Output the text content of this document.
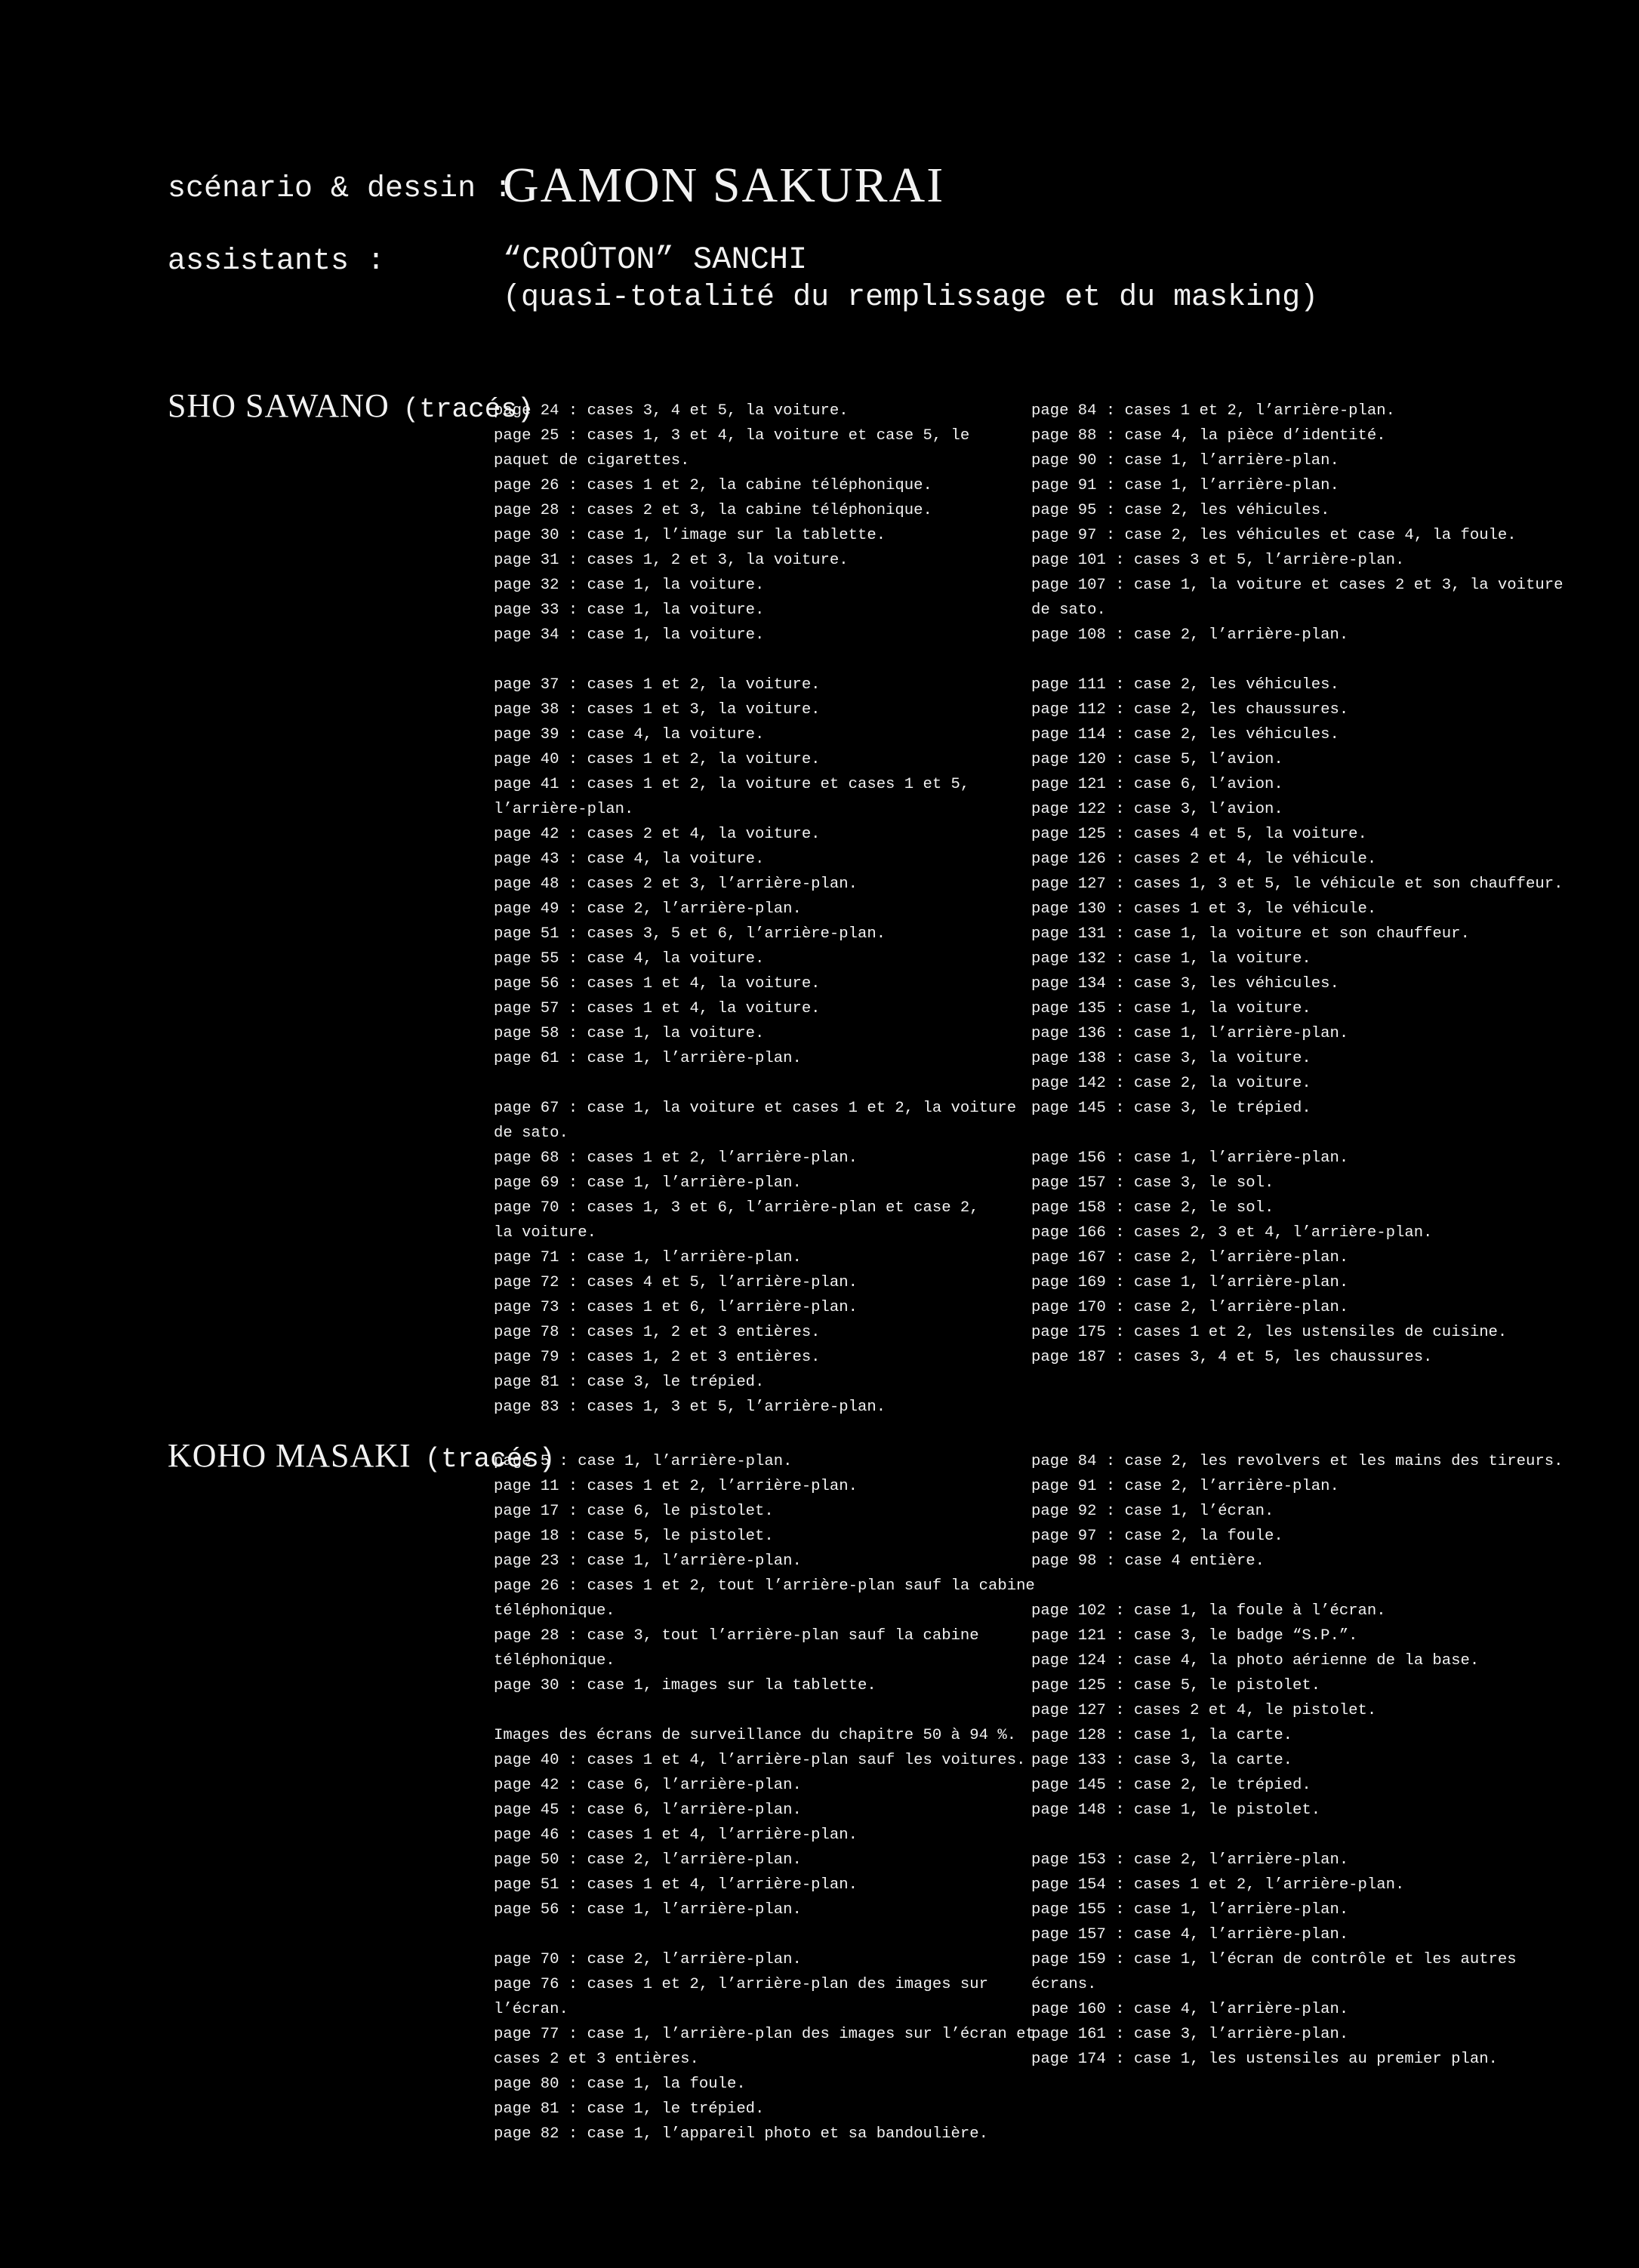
scénario & dessin :
GAMON SAKURAI
assistants :	“CROÛTON” SANCHI
(quasi-totalité du remplissage et du masking)
SHO SAWANO (tracés)
page 24 : cases 3, 4 et 5, la voiture.
page 25 : cases 1, 3 et 4, la voiture et case 5, le
paquet de cigarettes.
page 26 : cases 1 et 2, la cabine téléphonique.
page 28 : cases 2 et 3, la cabine téléphonique.
page 30 : case 1, l’image sur la tablette.
page 31 : cases 1, 2 et 3, la voiture.
page 32 : case 1, la voiture.
page 33 : case 1, la voiture.
page 34 : case 1, la voiture.
page 37 : cases 1 et 2, la voiture.
page 38 : cases 1 et 3, la voiture.
page 39 : case 4, la voiture.
page 40 : cases 1 et 2, la voiture.
page 41 : cases 1 et 2, la voiture et cases 1 et 5,
l’arrière-plan.
page 42 : cases 2 et 4, la voiture.
page 43 : case 4, la voiture.
page 48 : cases 2 et 3, l’arrière-plan.
page 49 : case 2, l’arrière-plan.
page 51 : cases 3, 5 et 6, l’arrière-plan.
page 55 : case 4, la voiture.
page 56 : cases 1 et 4, la voiture.
page 57 : cases 1 et 4, la voiture.
page 58 : case 1, la voiture.
page 61 : case 1, l’arrière-plan.
page 67 : case 1, la voiture et cases 1 et 2, la voiture
de sato.
page 68 : cases 1 et 2, l’arrière-plan.
page 69 : case 1, l’arrière-plan.
page 70 : cases 1, 3 et 6, l’arrière-plan et case 2,
la voiture.
page 71 : case 1, l’arrière-plan.
page 72 : cases 4 et 5, l’arrière-plan.
page 73 : cases 1 et 6, l’arrière-plan.
page 78 : cases 1, 2 et 3 entières.
page 79 : cases 1, 2 et 3 entières.
page 81 : case 3, le trépied.
page 83 : cases 1, 3 et 5, l’arrière-plan.
page 84 : cases 1 et 2, l’arrière-plan.
page 88 : case 4, la pièce d’identité.
page 90 : case 1, l’arrière-plan.
page 91 : case 1, l’arrière-plan.
page 95 : case 2, les véhicules.
page 97 : case 2, les véhicules et case 4, la foule.
page 101 : cases 3 et 5, l’arrière-plan.
page 107 : case 1, la voiture et cases 2 et 3, la voiture
de sato.
page 108 : case 2, l’arrière-plan.
page 111 : case 2, les véhicules.
page 112 : case 2, les chaussures.
page 114 : case 2, les véhicules.
page 120 : case 5, l’avion.
page 121 : case 6, l’avion.
page 122 : case 3, l’avion.
page 125 : cases 4 et 5, la voiture.
page 126 : cases 2 et 4, le véhicule.
page 127 : cases 1, 3 et 5, le véhicule et son chauffeur.
page 130 : cases 1 et 3, le véhicule.
page 131 : case 1, la voiture et son chauffeur.
page 132 : case 1, la voiture.
page 134 : case 3, les véhicules.
page 135 : case 1, la voiture.
page 136 : case 1, l’arrière-plan.
page 138 : case 3, la voiture.
page 142 : case 2, la voiture.
page 145 : case 3, le trépied.
page 156 : case 1, l’arrière-plan.
page 157 : case 3, le sol.
page 158 : case 2, le sol.
page 166 : cases 2, 3 et 4, l’arrière-plan.
page 167 : case 2, l’arrière-plan.
page 169 : case 1, l’arrière-plan.
page 170 : case 2, l’arrière-plan.
page 175 : cases 1 et 2, les ustensiles de cuisine.
page 187 : cases 3, 4 et 5, les chaussures.
KOHO MASAKI (tracés)
page 5 : case 1, l’arrière-plan.
page 11 : cases 1 et 2, l’arrière-plan.
page 17 : case 6, le pistolet.
page 18 : case 5, le pistolet.
page 23 : case 1, l’arrière-plan.
page 26 : cases 1 et 2, tout l’arrière-plan sauf la cabine
téléphonique.
page 28 : case 3, tout l’arrière-plan sauf la cabine
téléphonique.
page 30 : case 1, images sur la tablette.
Images des écrans de surveillance du chapitre 50 à 94 %.
page 40 : cases 1 et 4, l’arrière-plan sauf les voitures.
page 42 : case 6, l’arrière-plan.
page 45 : case 6, l’arrière-plan.
page 46 : cases 1 et 4, l’arrière-plan.
page 50 : case 2, l’arrière-plan.
page 51 : cases 1 et 4, l’arrière-plan.
page 56 : case 1, l’arrière-plan.
page 70 : case 2, l’arrière-plan.
page 76 : cases 1 et 2, l’arrière-plan des images sur
l’écran.
page 77 : case 1, l’arrière-plan des images sur l’écran et
cases 2 et 3 entières.
page 80 : case 1, la foule.
page 81 : case 1, le trépied.
page 82 : case 1, l’appareil photo et sa bandoulière.
page 84 : case 2, les revolvers et les mains des tireurs.
page 91 : case 2, l’arrière-plan.
page 92 : case 1, l’écran.
page 97 : case 2, la foule.
page 98 : case 4 entière.
page 102 : case 1, la foule à l’écran.
page 121 : case 3, le badge “S.P.”.
page 124 : case 4, la photo aérienne de la base.
page 125 : case 5, le pistolet.
page 127 : cases 2 et 4, le pistolet.
page 128 : case 1, la carte.
page 133 : case 3, la carte.
page 145 : case 2, le trépied.
page 148 : case 1, le pistolet.
page 153 : case 2, l’arrière-plan.
page 154 : cases 1 et 2, l’arrière-plan.
page 155 : case 1, l’arrière-plan.
page 157 : case 4, l’arrière-plan.
page 159 : case 1, l’écran de contrôle et les autres
écrans.
page 160 : case 4, l’arrière-plan.
page 161 : case 3, l’arrière-plan.
page 174 : case 1, les ustensiles au premier plan.
